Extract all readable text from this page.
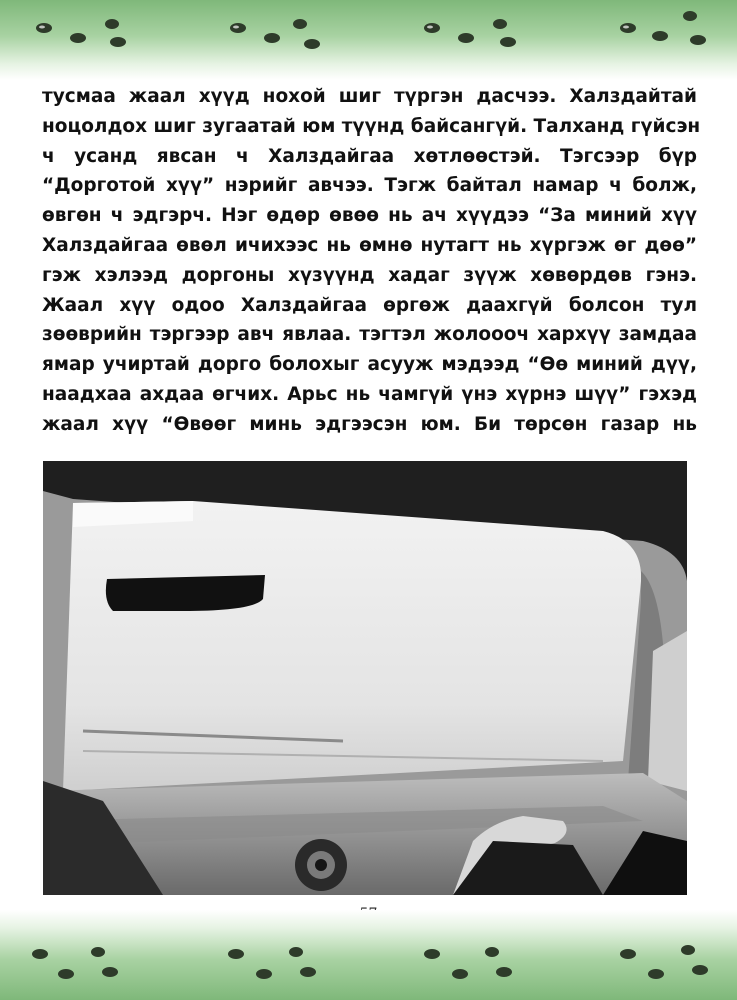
тусмаа жаал хүүд нохой шиг түргэн дасчээ. Халздайтай
ноцолдох шиг зугаатай юм түүнд байсангүй. Талханд гүйсэн
ч усанд явсан ч Халздайгаа хөтлөөстэй. Тэгсээр бүр
“Дорготой хүү” нэрийг авчээ. Тэгж байтал намар ч болж,
өвгөн ч эдгэрч. Нэг өдөр өвөө нь ач хүүдээ “За миний хүү
Халздайгаа өвөл ичихээс нь өмнө нутагт нь хүргэж өг дөө”
гэж хэлээд доргоны хүзүүнд хадаг зүүж хөвөрдөв гэнэ.
Жаал хүү одоо Халздайгаа өргөж даахгүй болсон тул
зөөврийн тэргээр авч явлаа. тэгтэл жолоооч хархүү замдаа
ямар учиртай дорго болохыг асууж мэдээд “Өө миний дүү,
наадхаа ахдаа өгчих. Арьс нь чамгүй үнэ хүрнэ шүү” гэхэд
жаал хүү “Өвөөг минь эдгээсэн юм. Би төрсөн газар нь
